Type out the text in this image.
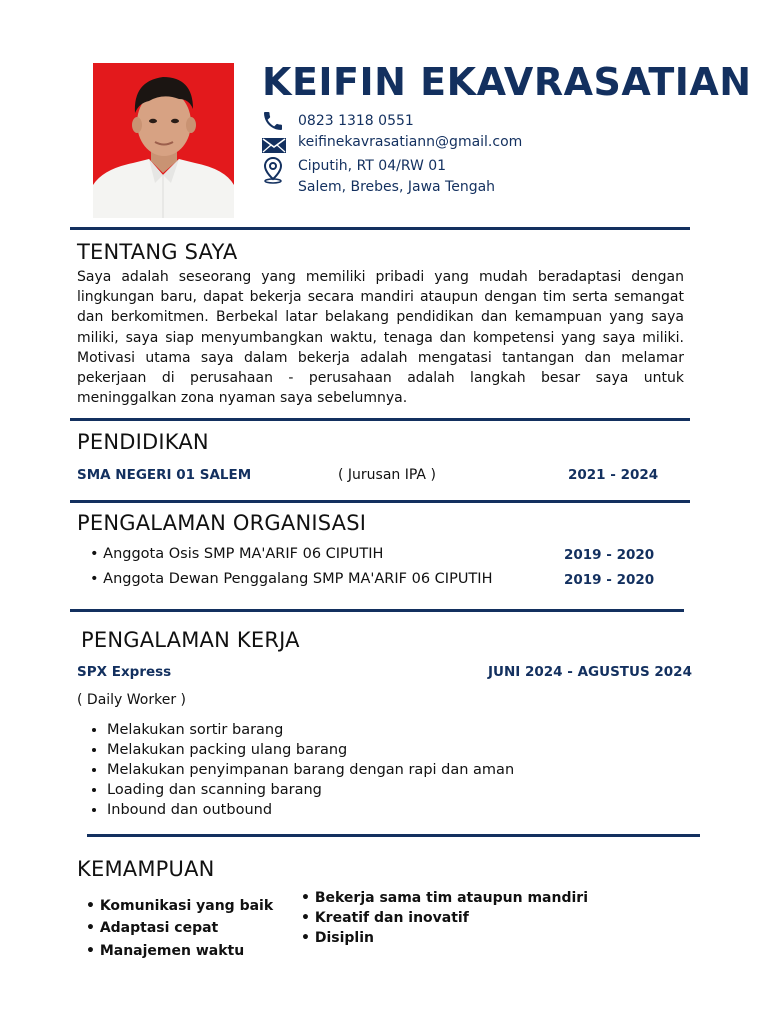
KEIFIN EKAVRASATIAN
0823 1318 0551
keifinekavrasatiann@gmail.com
Ciputih, RT 04/RW 01
Salem, Brebes, Jawa Tengah
TENTANG SAYA
Saya adalah seseorang yang memiliki pribadi yang mudah beradaptasi dengan lingkungan baru, dapat bekerja secara mandiri ataupun dengan tim serta semangat dan berkomitmen. Berbekal latar belakang pendidikan dan kemampuan yang saya miliki, saya siap menyumbangkan waktu, tenaga dan kompetensi yang saya miliki. Motivasi utama saya dalam bekerja adalah mengatasi tantangan dan melamar pekerjaan di perusahaan - perusahaan adalah langkah besar saya untuk meninggalkan zona nyaman saya sebelumnya.
PENDIDIKAN
SMA NEGERI 01 SALEM	( Jurusan IPA )	2021 - 2024
PENGALAMAN ORGANISASI
• Anggota Osis SMP MA'ARIF 06 CIPUTIH	2019 - 2020
• Anggota Dewan Penggalang SMP MA'ARIF 06 CIPUTIH	2019 - 2020
PENGALAMAN KERJA
SPX Express	JUNI 2024 - AGUSTUS 2024
( Daily Worker )
• Melakukan sortir barang
• Melakukan packing ulang barang
• Melakukan penyimpanan barang dengan rapi dan aman
• Loading dan scanning barang
• Inbound dan outbound
KEMAMPUAN
• Komunikasi yang baik
• Adaptasi cepat
• Manajemen waktu
• Bekerja sama tim ataupun mandiri
• Kreatif dan inovatif
• Disiplin
